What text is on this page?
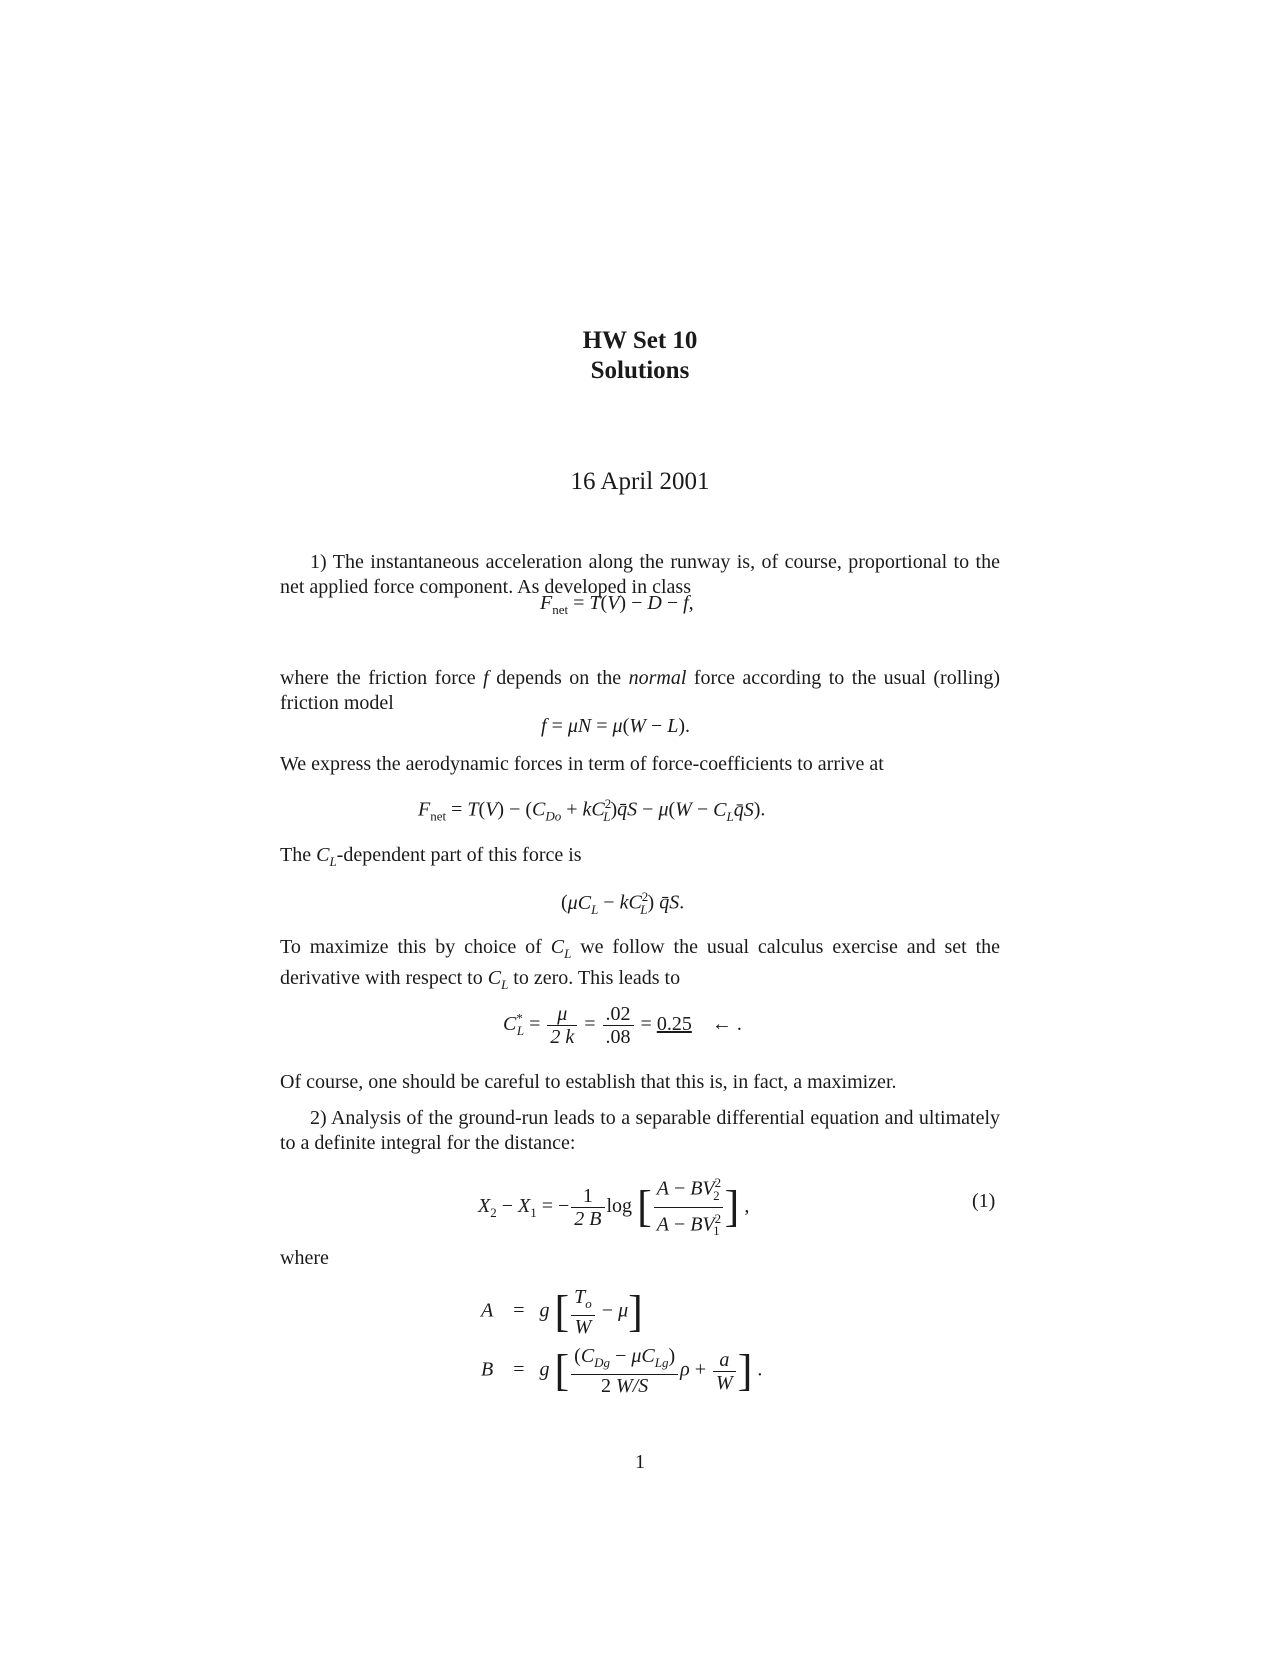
HW Set 10
Solutions
16 April 2001
1) The instantaneous acceleration along the runway is, of course, proportional to the net applied force component. As developed in class
$F_{net} = T(V) - D - f$,
where the friction force f depends on the normal force according to the usual (rolling) friction model
f = μN = μ(W − L).
We express the aerodynamic forces in term of force-coefficients to arrive at
$F_{net} = T(V) - (C_{Do}$ + $kC^2_L)q̄S - \mu(W$ − $C_Lq̄S$).
The $C_L$-dependent part of this force is
$(\mu C_L - kC^2_L)$ q̄S.
To maximize this by choice of $C_L$ we follow the usual calculus exercise and set the derivative with respect to $C_L$ to zero. This leads to
$C^*_L = \frac{\mu}{2 k} = \frac{.02}{.08} = 0.25$    ← .
Of course, one should be careful to establish that this is, in fact, a maximizer.
2) Analysis of the ground-run leads to a separable differential equation and ultimately to a definite integral for the distance:
$X_2 - X_1$ = − $\frac{1}{2 B}$ log [ $\frac{A - BV^2_2}{A - BV^2_1}$ ] ,	(1)
where
A    =   g [ $\frac{T_o}{W} - \mu$]
B    =   g [ $\frac{(C_{Dg} - \mu C_{Lg})}{2 W/S}$ $\rho + \frac{a}{W}$ ] .
1
